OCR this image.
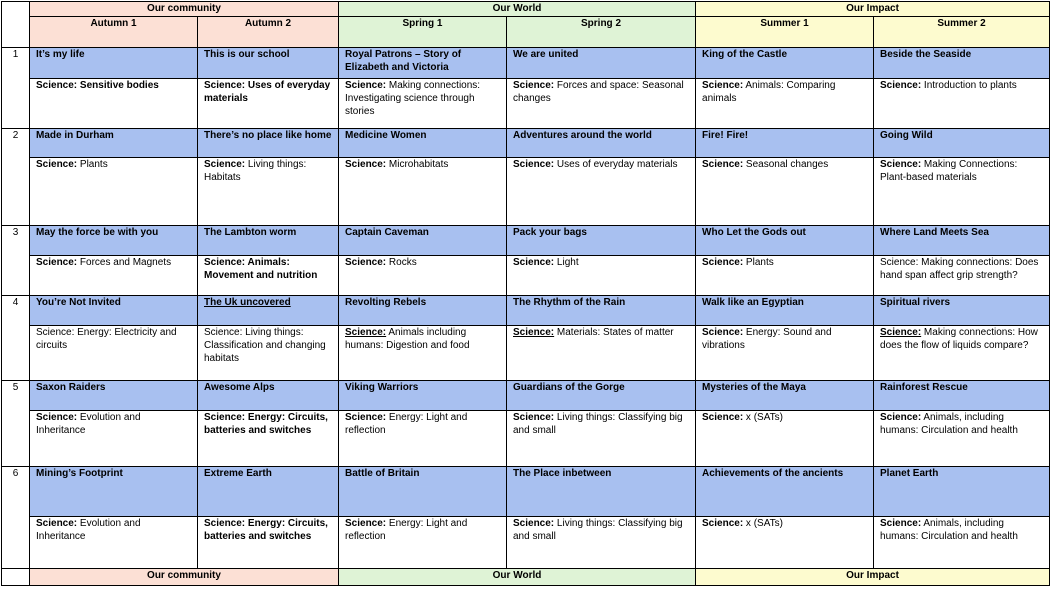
	Our community		Our World		Our Impact	
	Autumn 1	Autumn 2	Spring 1	Spring 2	Summer 1	Summer 2
1	It’s my life	This is our school	Royal Patrons – Story of Elizabeth and Victoria	We are united	King of the Castle	Beside the Seaside
	Science: Sensitive bodies	Science: Uses of everyday materials	Science: Making connections: Investigating science through stories	Science: Forces and space: Seasonal changes	Science: Animals: Comparing animals	Science: Introduction to plants
2	Made in Durham	There’s no place like home	Medicine Women	Adventures around the world	Fire! Fire!	Going Wild
	Science: Plants	Science: Living things: Habitats	Science: Microhabitats	Science: Uses of everyday materials	Science: Seasonal changes	Science: Making Connections: Plant-based materials
3	May the force be with you	The Lambton worm	Captain Caveman	Pack your bags	Who Let the Gods out	Where Land Meets Sea
	Science: Forces and Magnets	Science: Animals: Movement and nutrition	Science: Rocks	Science: Light	Science: Plants	Science: Making connections: Does hand span affect grip strength?
4	You’re Not Invited	The Uk uncovered	Revolting Rebels	The Rhythm of the Rain	Walk like an Egyptian	Spiritual rivers
	Science: Energy: Electricity and circuits	Science: Living things: Classification and changing habitats	Science: Animals including humans: Digestion and food	Science: Materials: States of matter	Science: Energy: Sound and vibrations	Science: Making connections: How does the flow of liquids compare?
5	Saxon Raiders	Awesome Alps	Viking Warriors	Guardians of the Gorge	Mysteries of the Maya	Rainforest Rescue
	Science: Evolution and Inheritance	Science: Energy: Circuits, batteries and switches	Science: Energy: Light and reflection	Science: Living things: Classifying big and small	Science: x (SATs)	Science: Animals, including humans: Circulation and health
6	Mining’s Footprint	Extreme Earth	Battle of Britain	The Place inbetween	Achievements of the ancients	Planet Earth
	Science: Evolution and Inheritance	Science: Energy: Circuits, batteries and switches	Science: Energy: Light and reflection	Science: Living things: Classifying big and small	Science: x (SATs)	Science: Animals, including humans: Circulation and health
	Our community		Our World		Our Impact	
